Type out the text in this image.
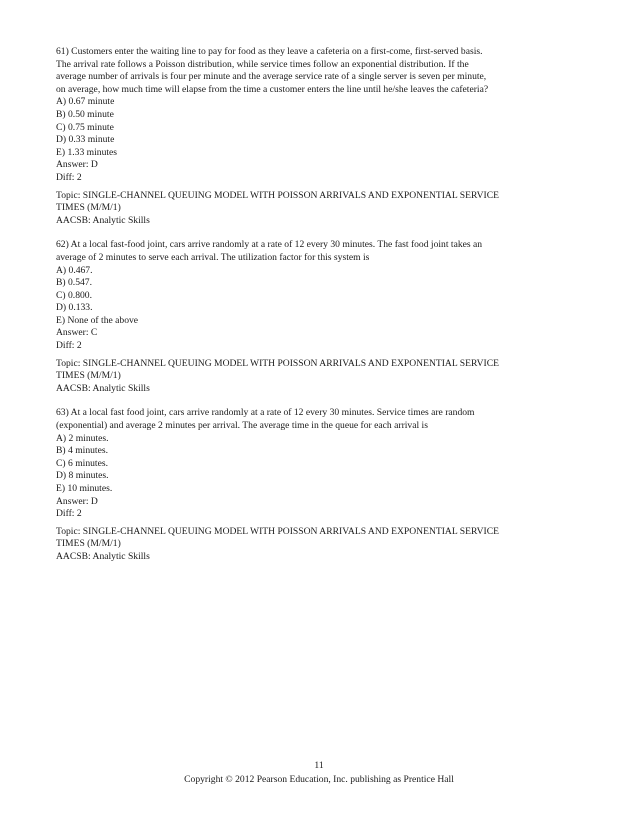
61) Customers enter the waiting line to pay for food as they leave a cafeteria on a first-come, first-served basis.
The arrival rate follows a Poisson distribution, while service times follow an exponential distribution. If the
average number of arrivals is four per minute and the average service rate of a single server is seven per minute,
on average, how much time will elapse from the time a customer enters the line until he/she leaves the cafeteria?
A) 0.67 minute
B) 0.50 minute
C) 0.75 minute
D) 0.33 minute
E) 1.33 minutes
Answer: D
Diff: 2
Topic: SINGLE-CHANNEL QUEUING MODEL WITH POISSON ARRIVALS AND EXPONENTIAL SERVICE
TIMES (M/M/1)
AACSB: Analytic Skills
62) At a local fast-food joint, cars arrive randomly at a rate of 12 every 30 minutes. The fast food joint takes an
average of 2 minutes to serve each arrival. The utilization factor for this system is
A) 0.467.
B) 0.547.
C) 0.800.
D) 0.133.
E) None of the above
Answer: C
Diff: 2
Topic: SINGLE-CHANNEL QUEUING MODEL WITH POISSON ARRIVALS AND EXPONENTIAL SERVICE
TIMES (M/M/1)
AACSB: Analytic Skills
63) At a local fast food joint, cars arrive randomly at a rate of 12 every 30 minutes. Service times are random
(exponential) and average 2 minutes per arrival. The average time in the queue for each arrival is
A) 2 minutes.
B) 4 minutes.
C) 6 minutes.
D) 8 minutes.
E) 10 minutes.
Answer: D
Diff: 2
Topic: SINGLE-CHANNEL QUEUING MODEL WITH POISSON ARRIVALS AND EXPONENTIAL SERVICE
TIMES (M/M/1)
AACSB: Analytic Skills
11
Copyright © 2012 Pearson Education, Inc. publishing as Prentice Hall
